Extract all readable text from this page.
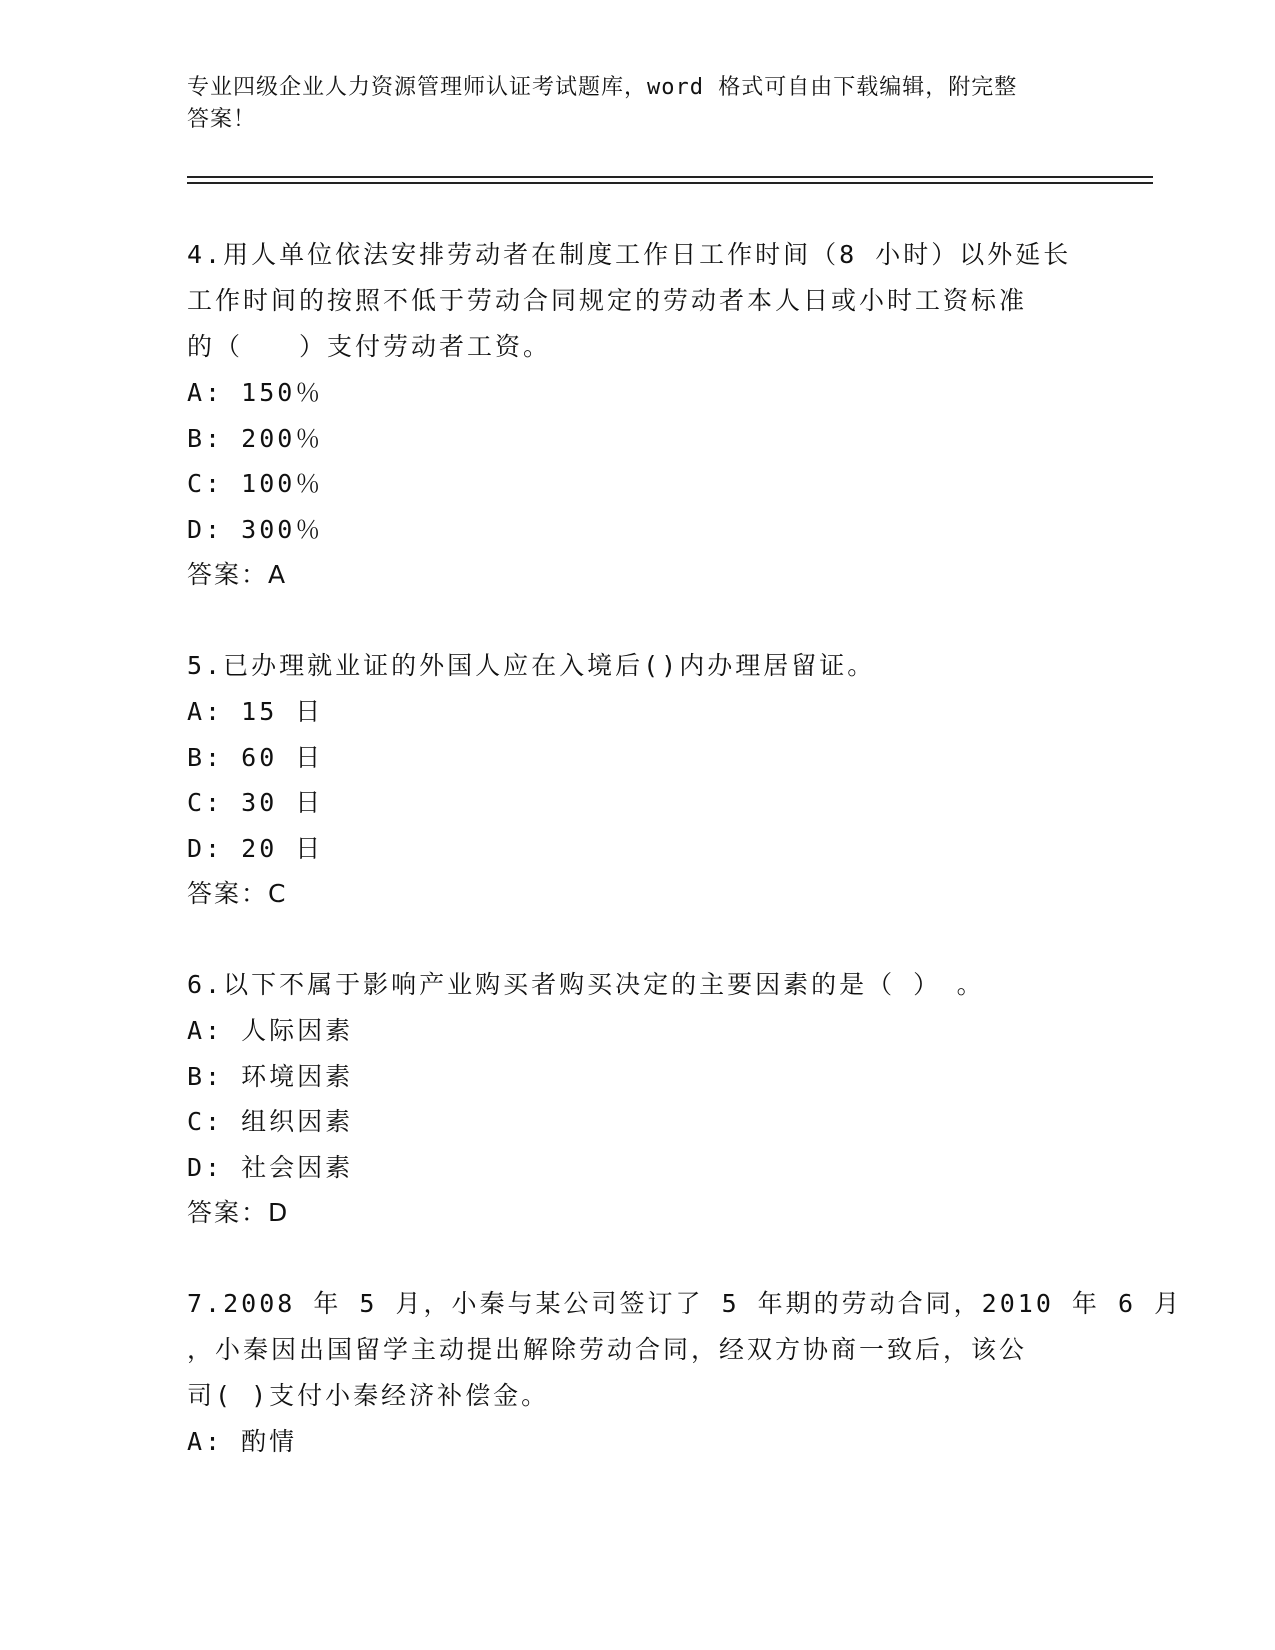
专业四级企业人力资源管理师认证考试题库，word 格式可自由下载编辑，附完整
答案！

4.用人单位依法安排劳动者在制度工作日工作时间（8 小时）以外延长
工作时间的按照不低于劳动合同规定的劳动者本人日或小时工资标准
的（　　）支付劳动者工资。

A: 150％

B: 200％

C: 100％

D: 300％

答案：A

5.已办理就业证的外国人应在入境后()内办理居留证。

A: 15 日

B: 60 日

C: 30 日

D: 20 日

答案：C

6.以下不属于影响产业购买者购买决定的主要因素的是（ ）　。

A: 人际因素

B: 环境因素

C: 组织因素

D: 社会因素

答案：D

7.2008 年 5 月，小秦与某公司签订了 5 年期的劳动合同，2010 年 6 月
，小秦因出国留学主动提出解除劳动合同，经双方协商一致后，该公
司( )支付小秦经济补偿金。

A: 酌情
